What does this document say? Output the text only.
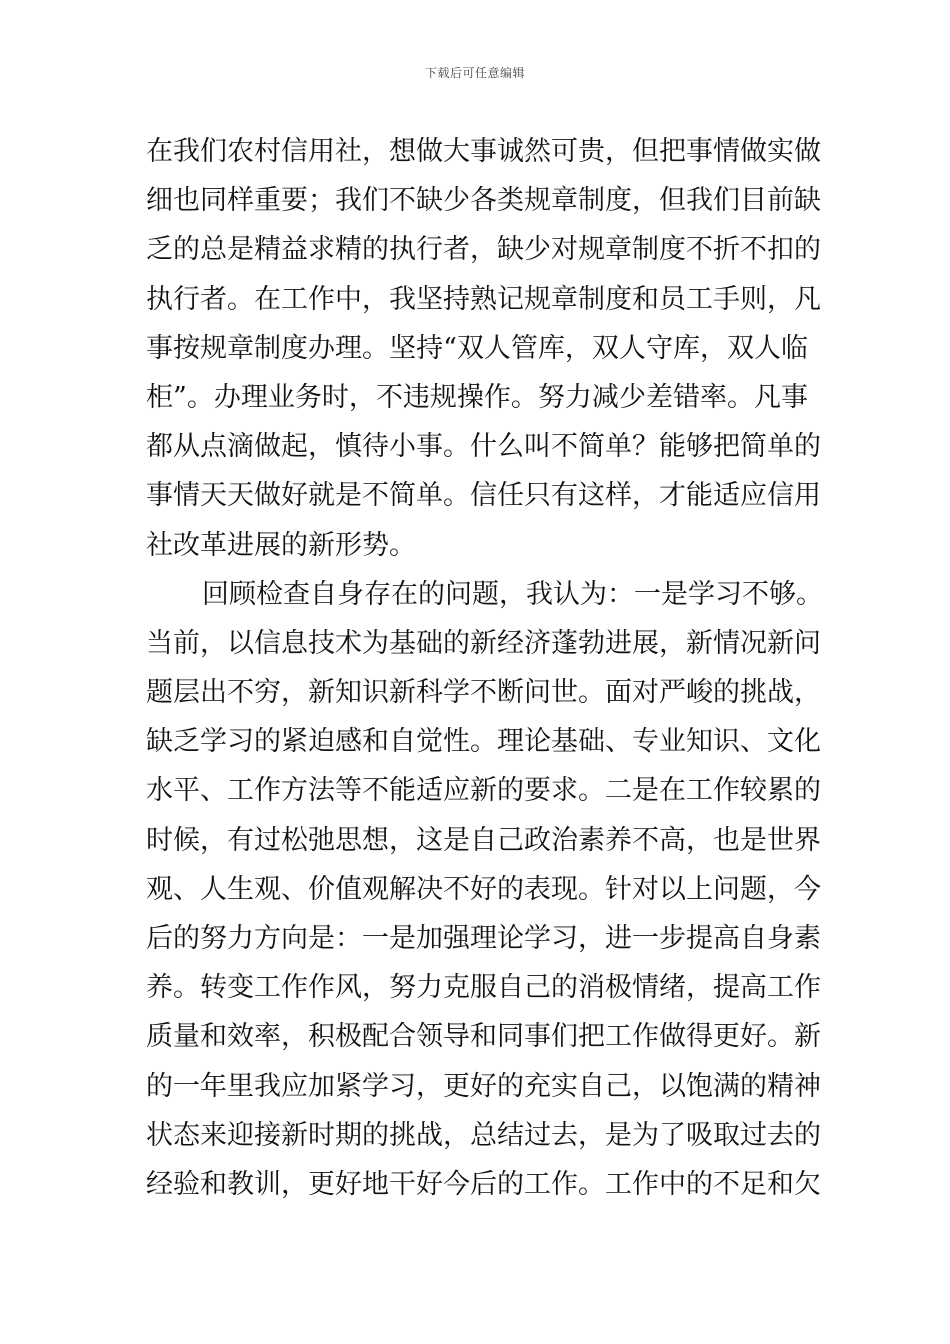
下载后可任意编辑
在我们农村信用社，想做大事诚然可贵，但把事情做实做
细也同样重要；我们不缺少各类规章制度，但我们目前缺
乏的总是精益求精的执行者，缺少对规章制度不折不扣的
执行者。在工作中，我坚持熟记规章制度和员工手则，凡
事按规章制度办理。坚持“双人管库，双人守库，双人临
柜”。办理业务时，不违规操作。努力减少差错率。凡事
都从点滴做起，慎待小事。什么叫不简单？能够把简单的
事情天天做好就是不简单。信任只有这样，才能适应信用
社改革进展的新形势。
回顾检查自身存在的问题，我认为：一是学习不够。
当前，以信息技术为基础的新经济蓬勃进展，新情况新问
题层出不穷，新知识新科学不断问世。面对严峻的挑战，
缺乏学习的紧迫感和自觉性。理论基础、专业知识、文化
水平、工作方法等不能适应新的要求。二是在工作较累的
时候，有过松弛思想，这是自己政治素养不高，也是世界
观、人生观、价值观解决不好的表现。针对以上问题，今
后的努力方向是：一是加强理论学习，进一步提高自身素
养。转变工作作风，努力克服自己的消极情绪，提高工作
质量和效率，积极配合领导和同事们把工作做得更好。新
的一年里我应加紧学习，更好的充实自己，以饱满的精神
状态来迎接新时期的挑战，总结过去，是为了吸取过去的
经验和教训，更好地干好今后的工作。工作中的不足和欠
